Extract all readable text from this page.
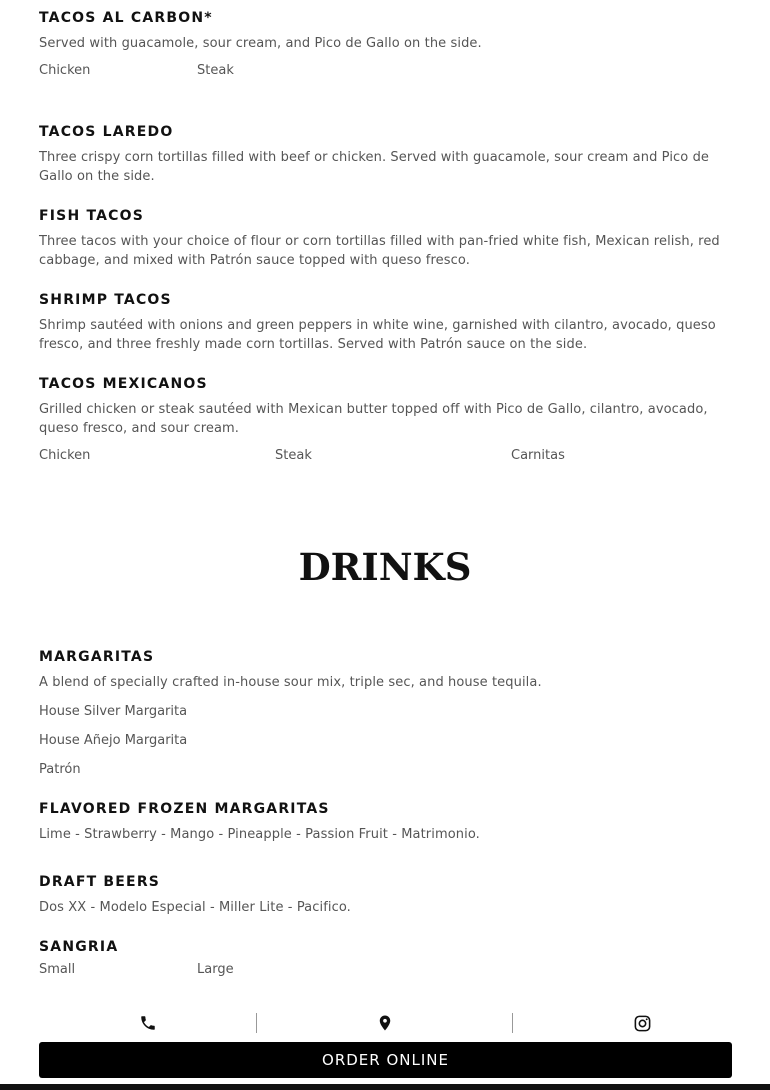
TACOS AL CARBON*

Served with guacamole, sour cream, and Pico de Gallo on the side.

Chicken	Steak
TACOS LAREDO

Three crispy corn tortillas filled with beef or chicken. Served with guacamole, sour cream and Pico de Gallo on the side.

FISH TACOS

Three tacos with your choice of flour or corn tortillas filled with pan-fried white fish, Mexican relish, red cabbage, and mixed with Patrón sauce topped with queso fresco.

SHRIMP TACOS

Shrimp sautéed with onions and green peppers in white wine, garnished with cilantro, avocado, queso fresco, and three freshly made corn tortillas. Served with Patrón sauce on the side.

TACOS MEXICANOS

Grilled chicken or steak sautéed with Mexican butter topped off with Pico de Gallo, cilantro, avocado, queso fresco, and sour cream.

Chicken	Steak	Carnitas
MARGARITAS

A blend of specially crafted in-house sour mix, triple sec, and house tequila.

House Silver Margarita
House Añejo Margarita
Patrón
FLAVORED FROZEN MARGARITAS

Lime - Strawberry - Mango - Pineapple - Passion Fruit - Matrimonio.

DRAFT BEERS

Dos XX - Modelo Especial - Miller Lite - Pacifico.

SANGRIA
Small	Large
DRINKS
ORDER ONLINE
